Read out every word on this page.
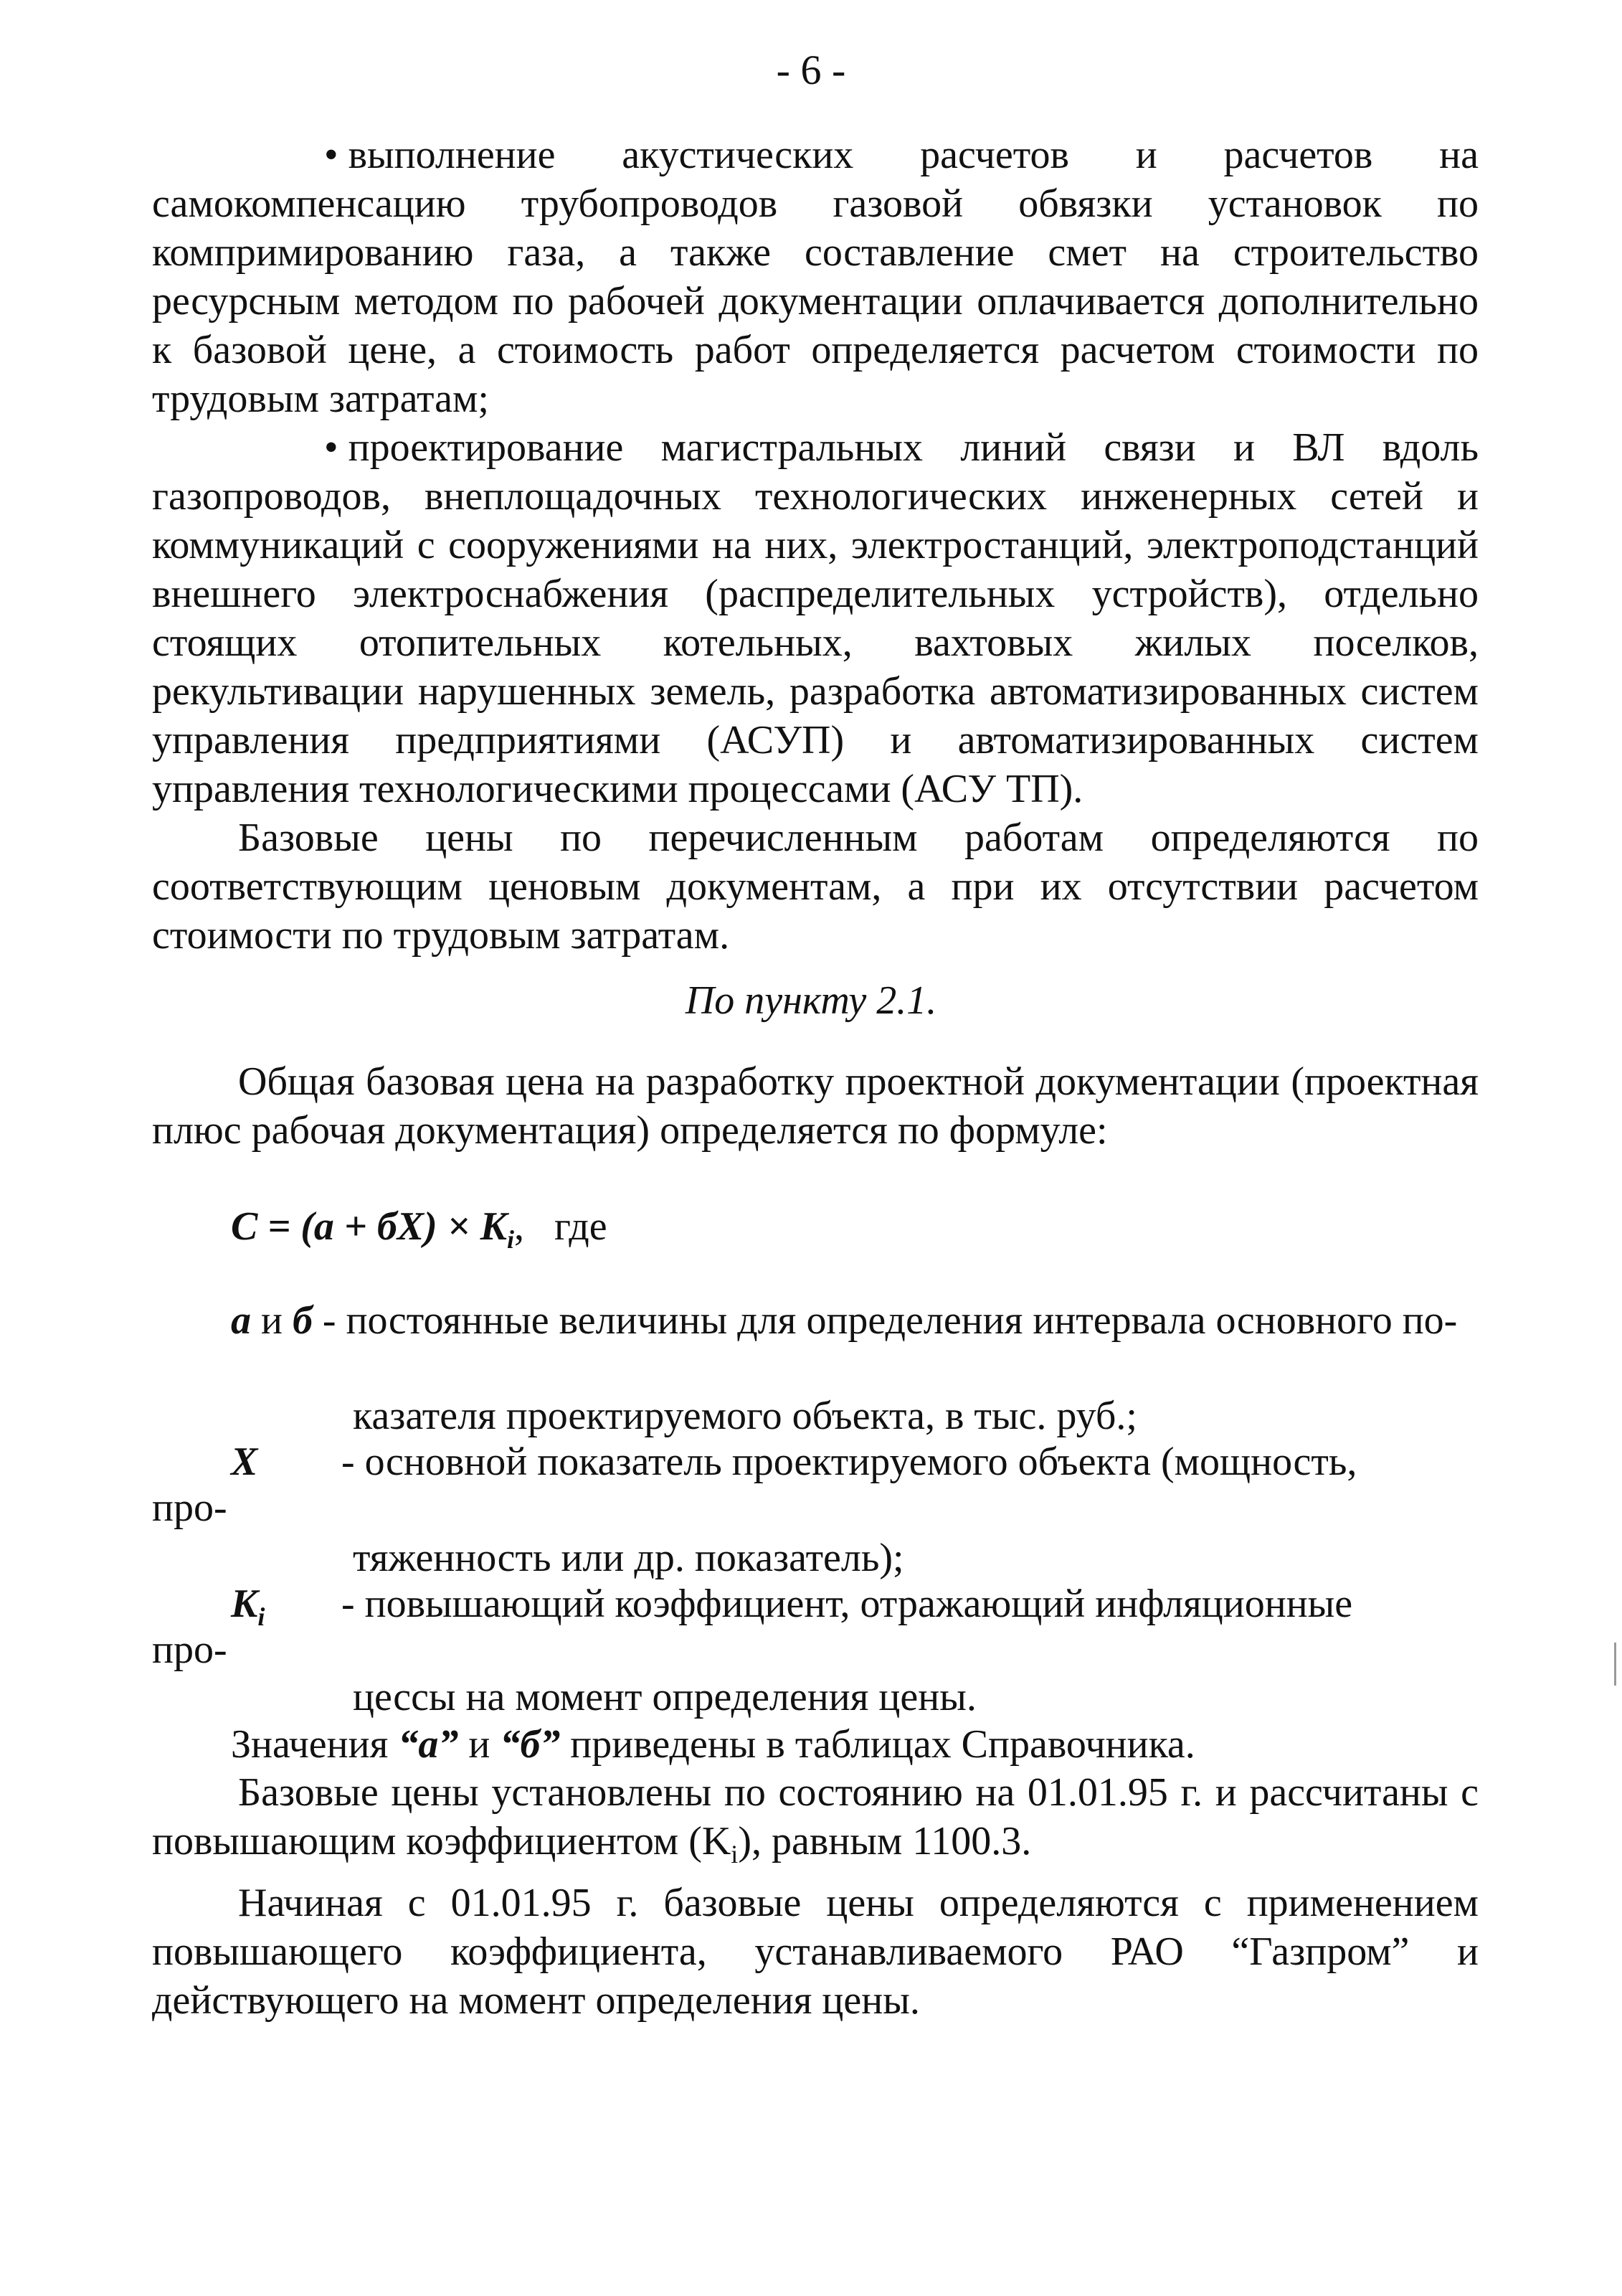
- 6 -

• выполнение акустических расчетов и расчетов на самокомпенсацию трубопроводов газовой обвязки установок по компримированию газа, а также составление смет на строительство ресурсным методом по рабочей документации оплачивается дополнительно к базовой цене, а стоимость работ определяется расчетом стоимости по трудовым затратам;

• проектирование магистральных линий связи и ВЛ вдоль газопроводов, внеплощадочных технологических инженерных сетей и коммуникаций с сооружениями на них, электростанций, электроподстанций внешнего электроснабжения (распределительных устройств), отдельно стоящих отопительных котельных, вахтовых жилых поселков, рекультивации нарушенных земель, разработка автоматизированных систем управления предприятиями (АСУП) и автоматизированных систем управления технологическими процессами (АСУ ТП).

Базовые цены по перечисленным работам определяются по соответствующим ценовым документам, а при их отсутствии расчетом стоимости по трудовым затратам.

По пункту 2.1.

Общая базовая цена на разработку проектной документации (проектная плюс рабочая документация) определяется по формуле:

$C = (a + бX) \times K_i$, где
a и б - постоянные величины для определения интервала основного по-
казателя проектируемого объекта, в тыс. руб.;
X - основной показатель проектируемого объекта (мощность,
про-
тяженность или др. показатель);
$K_i$ - повышающий коэффициент, отражающий инфляционные
про-
цессы на момент определения цены.
Значения “а” и “б” приведены в таблицах Справочника.

Базовые цены установлены по состоянию на 01.01.95 г. и рассчитаны с повышающим коэффициентом $(K_i)$, равным 1100.3.

Начиная с 01.01.95 г. базовые цены определяются с применением повышающего коэффициента, устанавливаемого РАО “Газпром” и действующего на момент определения цены.
